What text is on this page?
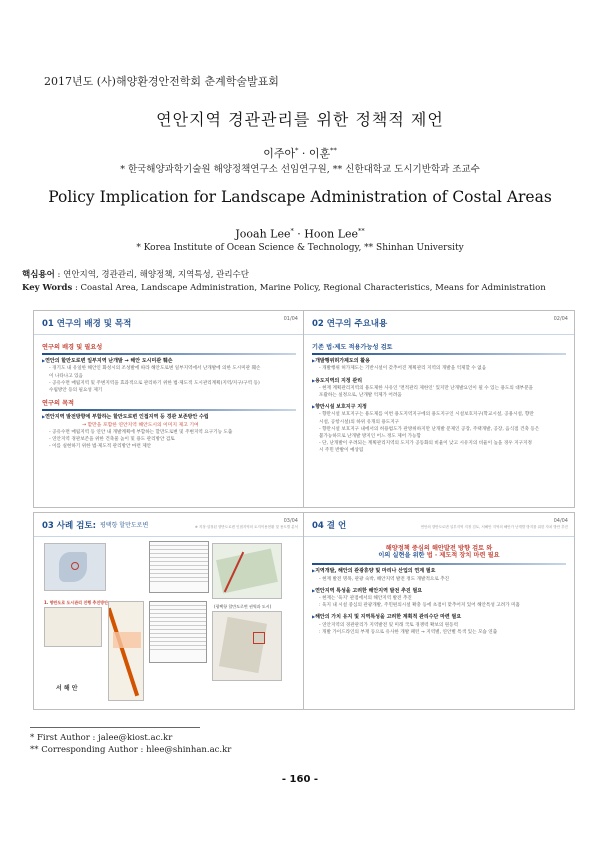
2017년도 (사)해양환경안전학회 춘계학술발표회
연안지역 경관관리를 위한 정책적 제언
이주아* · 이훈**
* 한국해양과학기술원 해양정책연구소 선임연구원, ** 신한대학교 도시기반학과 조교수
Policy Implication for Landscape Administration of Costal Areas
Jooah Lee* · Hoon Lee**
* Korea Institute of Ocean Science & Technology, ** Shinhan University
핵심용어 : 연안지역, 경관관리, 해양정책, 지역특성, 관리수단
Key Words : Coastal Area, Landscape Administration, Marine Policy, Regional Characteristics, Means for Administration
01 연구의 배경 및 목적	01/04
연구의 배경 및 필요성
▶ 연안의 할만도로변 일부지역 난개발 → 해안 도시미관 훼손
- 경기도 내 유일한 해안인 화성시의 조성발에 따라 해안도로변 일부지역에서 난개발에 의한 도시미관 훼손
이 나타나고 있음
- 공유수면 매립지역 및 주변지역을 효과적으로 관리하기 위한 법·제도적 도시관리계획(지역/지구/구역 등)
수립방안 등의 필요성 제기
연구의 목적
▶ 연안지역 발전방향에 부합하는 할만도로변 인접지역 등 경관 보존방안 수립
→ 할만을 포함한 연안지역 해안도시의 이미지 제고 기여
- 공유수면 매립지역 등 연안 내 개발계획에 부합하는 할만도로변 및 주변지역 요구기능 도출
- 연안지역 경관보존을 위한 건축물 높이 및 용도 관리방안 검토
- 이를 실현하기 위한 법·제도적 관리방안 마련 제안
02 연구의 주요내용	02/04
기존 법·제도 적용가능성 검토
▶ 개발행위허가제도의 활용
- 개발행위 허가제도는 기반시설이 갖추어진 계획관리 지역의 개발을 억제할 수 없음
▶ 용도지역의 지정 관리
- 현재 계획관리지역의 용도제한 사유인 '면적관리 제한인' 있지만 난개발요인이 될 수 있는 용도의 대부분을
포괄하는 실정으로, 난개발 억제가 어려움
▶ 향만시설 보호지구 지정
- 향만시설 보호지구는 용도제를 이번 용도지역지구에의 용도지구인 시설보호지구(학교시설, 공용시설, 향만
시설, 공항시설)의 하위 유개의 용도지구
- 향만시설 보호지구 내에서의 허용범도가 관방위하지만 난개발 문제인 공장, 주택개발, 공장, 음식점 건축 등은
불가능하므로 난개발 방지인 어느 정도 제어 가능함
- 단, 난개발이 우려되는 계획관리지역의 도지가 공동화의 비율이 낮고 시유지의 비율이 높을 경우 지구지정
시 주민 반발이 예상됨
03 사례 검토: 평택항 할만도로변
03/04
※ 지정·설정된 향만도로변 인접지역의 토지이용현황 및 용도별 분석
1. 향만도로 도시관리 진행 추진방안
(평택항 할만도로변 권역과 도시)
서 해 안
04 결 언	04/04
연안의 향만도로변 일부지역 지정 검토, 서해안 지역의 해안가 난개발 방지를 위한 자치 방안 추진
해양정책 중심의 해안발전 방향 검토 와
이의 실현을 위한 법 · 제도적 장치 마련 필요
▶ 지역개발, 해안의 관광휴양 및 마리나 산업의 연계 필요
- 현재 발전 명목, 관광 숙박, 해안지역 발전 정도 개발적으로 추진
▶ 연안지역 특성을 고려한 해안지역 발전 추진 필요
- 현재는 '육지' 관점에서의 해안지역 발전 추진
: 육지 내 시설 중심의 관광개발, 주민편의시설 확충 등에 초점이 맞추어져 있어 해안특성 고려가 미흡
▶ 해안의 가치 유지 및 지역특성을 고려한 계획적 관리수단 마련 필요
- 연안지역의 경관관리가 지역발전 및 미래 국토 경쟁력 확보의 원동력
: 개발 가이드라인의 부재 등으로 유사한 개발 패턴 → 지역별, 연안별 특색 있는 모습 연출
* First Author : jalee@kiost.ac.kr
** Corresponding Author : hlee@shinhan.ac.kr
- 160 -
